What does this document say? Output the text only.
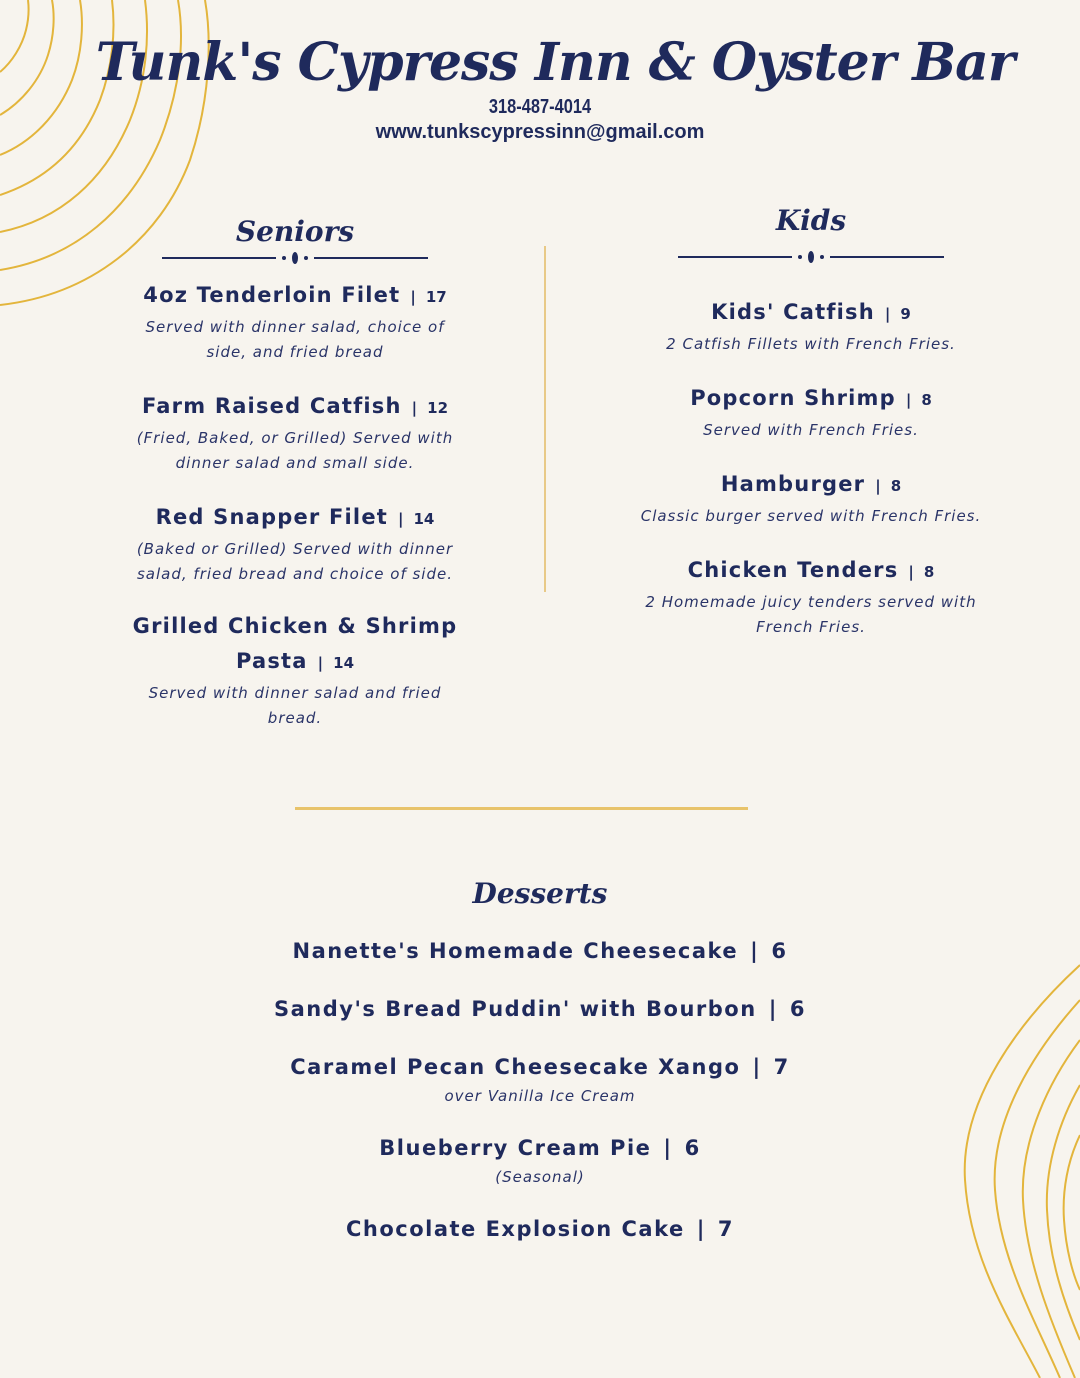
Tunk's Cypress Inn & Oyster Bar
318-487-4014
www.tunkscypressinn@gmail.com
Seniors
4oz Tenderloin Filet | 17
Served with dinner salad, choice of
side, and fried bread
Farm Raised Catfish | 12
(Fried, Baked, or Grilled) Served with
dinner salad and small side.
Red Snapper Filet | 14
(Baked or Grilled) Served with dinner
salad, fried bread and choice of side.
Grilled Chicken & Shrimp
Pasta | 14
Served with dinner salad and fried bread.
Kids
Kids' Catfish | 9
2 Catfish Fillets with French Fries.
Popcorn Shrimp | 8
Served with French Fries.
Hamburger | 8
Classic burger served with French Fries.
Chicken Tenders | 8
2 Homemade juicy tenders served with
French Fries.
Desserts
Nanette's Homemade Cheesecake | 6
Sandy's Bread Puddin' with Bourbon | 6
Caramel Pecan Cheesecake Xango | 7
over Vanilla Ice Cream
Blueberry Cream Pie | 6
(Seasonal)
Chocolate Explosion Cake | 7
